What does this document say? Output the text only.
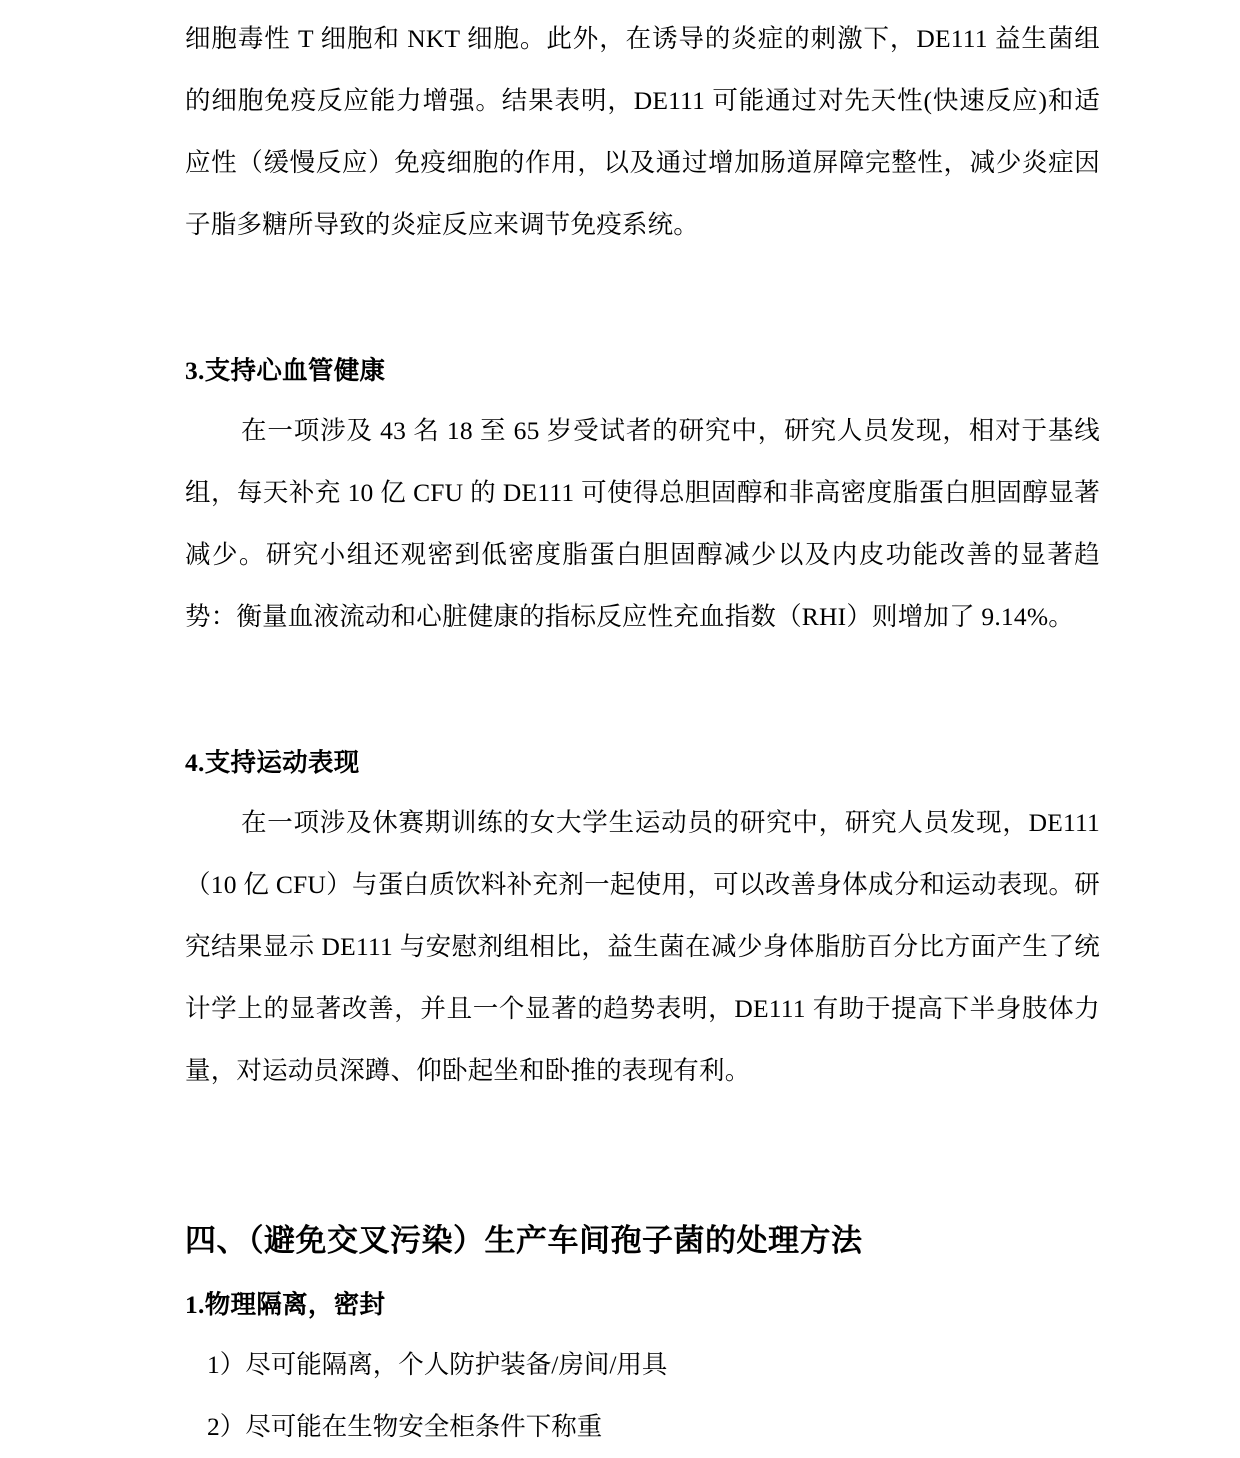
细胞毒性 T 细胞和 NKT 细胞。此外，在诱导的炎症的刺激下，DE111 益生菌组的细胞免疫反应能力增强。结果表明，DE111 可能通过对先天性(快速反应)和适应性（缓慢反应）免疫细胞的作用，以及通过增加肠道屏障完整性，减少炎症因子脂多糖所导致的炎症反应来调节免疫系统。

3.支持心血管健康

在一项涉及 43 名 18 至 65 岁受试者的研究中，研究人员发现，相对于基线组，每天补充 10 亿 CFU 的 DE111 可使得总胆固醇和非高密度脂蛋白胆固醇显著减少。研究小组还观密到低密度脂蛋白胆固醇减少以及内皮功能改善的显著趋势：衡量血液流动和心脏健康的指标反应性充血指数（RHI）则增加了 9.14%。

4.支持运动表现

在一项涉及休赛期训练的女大学生运动员的研究中，研究人员发现，DE111（10 亿 CFU）与蛋白质饮料补充剂一起使用，可以改善身体成分和运动表现。研究结果显示 DE111 与安慰剂组相比，益生菌在减少身体脂肪百分比方面产生了统计学上的显著改善，并且一个显著的趋势表明，DE111 有助于提高下半身肢体力量，对运动员深蹲、仰卧起坐和卧推的表现有利。

四、（避免交叉污染）生产车间孢子菌的处理方法
1.物理隔离，密封

1）尽可能隔离，个人防护装备/房间/用具

2）尽可能在生物安全柜条件下称重
